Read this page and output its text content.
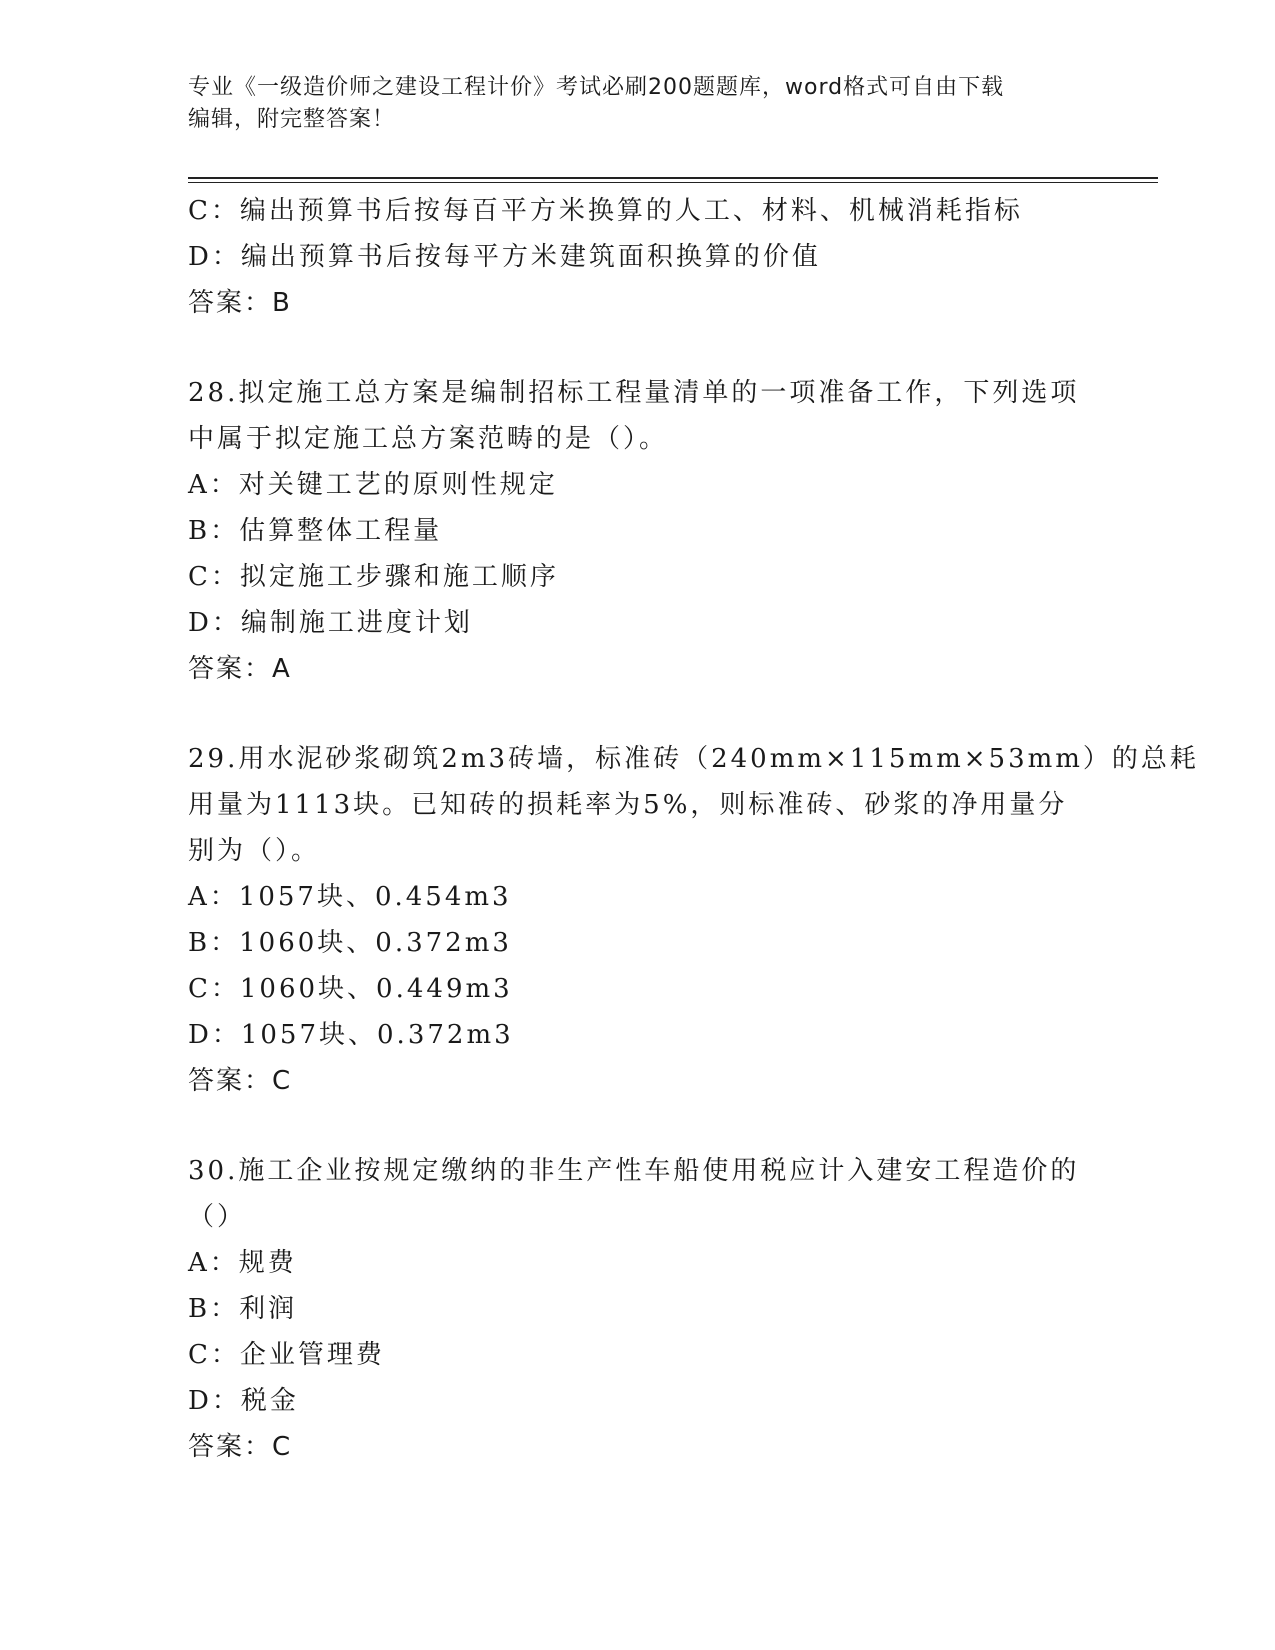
专业《一级造价师之建设工程计价》考试必刷200题题库，word格式可自由下载
编辑，附完整答案！
C：编出预算书后按每百平方米换算的人工、材料、机械消耗指标
D：编出预算书后按每平方米建筑面积换算的价值
答案：B
28.拟定施工总方案是编制招标工程量清单的一项准备工作，下列选项
中属于拟定施工总方案范畴的是（）。
A：对关键工艺的原则性规定
B：估算整体工程量
C：拟定施工步骤和施工顺序
D：编制施工进度计划
答案：A
29.用水泥砂浆砌筑2m3砖墙，标准砖（240mm×115mm×53mm）的总耗
用量为1113块。已知砖的损耗率为5%，则标准砖、砂浆的净用量分
别为（）。
A：1057块、0.454m3
B：1060块、0.372m3
C：1060块、0.449m3
D：1057块、0.372m3
答案：C
30.施工企业按规定缴纳的非生产性车船使用税应计入建安工程造价的
（）
A：规费
B：利润
C：企业管理费
D：税金
答案：C
